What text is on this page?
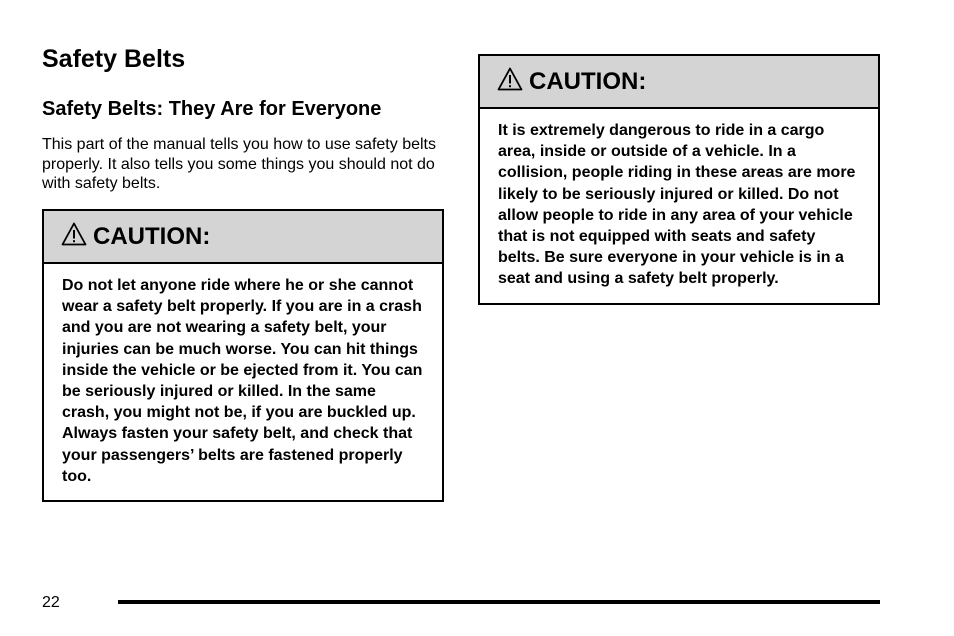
Safety Belts
Safety Belts: They Are for Everyone

This part of the manual tells you how to use safety belts properly. It also tells you some things you should not do with safety belts.

CAUTION:
Do not let anyone ride where he or she cannot wear a safety belt properly. If you are in a crash and you are not wearing a safety belt, your injuries can be much worse. You can hit things inside the vehicle or be ejected from it. You can be seriously injured or killed. In the same crash, you might not be, if you are buckled up. Always fasten your safety belt, and check that your passengers’ belts are fastened properly too.
CAUTION:
It is extremely dangerous to ride in a cargo area, inside or outside of a vehicle. In a collision, people riding in these areas are more likely to be seriously injured or killed. Do not allow people to ride in any area of your vehicle that is not equipped with seats and safety belts. Be sure everyone in your vehicle is in a seat and using a safety belt properly.
22
